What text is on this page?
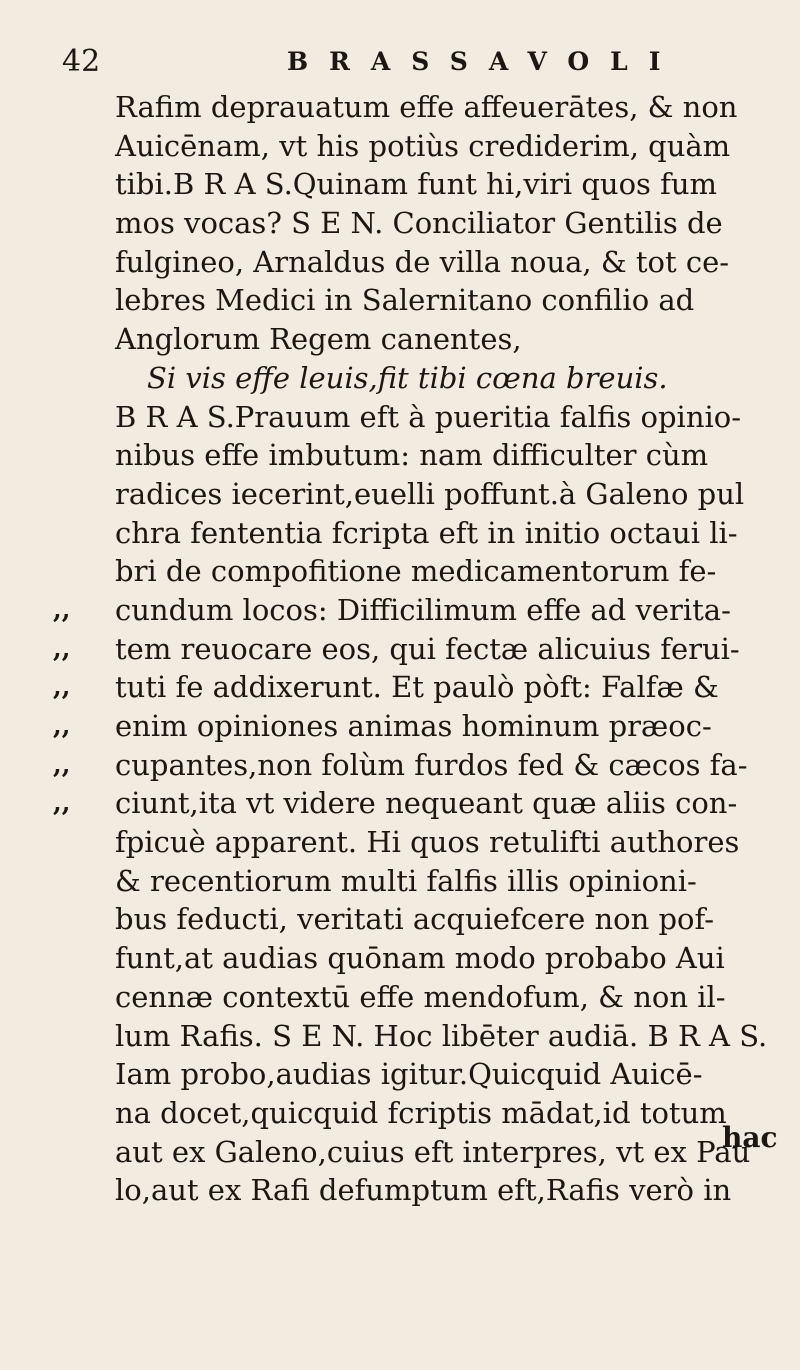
42	BRASSAVOLI
Rafim deprauatum effe affeuerātes, & non
Auicēnam, vt his potiùs crediderim, quàm
tibi.B R A S.Quinam funt hi,viri quos fum
mos vocas? S E N. Conciliator Gentilis de
fulgineo, Arnaldus de villa noua, & tot ce-
lebres Medici in Salernitano confilio ad
Anglorum Regem canentes,
Si vis effe leuis,fit tibi cœna breuis.
B R A S.Prauum eft à pueritia falfis opinio-
nibus effe imbutum: nam difficulter cùm
radices iecerint,euelli poffunt.à Galeno pul
chra fententia fcripta eft in initio octaui li-
bri de compofitione medicamentorum fe-
,, cundum locos: Difficilimum effe ad verita-
,, tem reuocare eos, qui fectæ alicuius ferui-
,, tuti fe addixerunt. Et paulò pòft: Falfæ &
,, enim opiniones animas hominum præoc-
,, cupantes,non folùm furdos fed & cæcos fa-
,, ciunt,ita vt videre nequeant quæ aliis con-
fpicuè apparent. Hi quos retulifti authores
& recentiorum multi falfis illis opinioni-
bus feducti, veritati acquiefcere non pof-
funt,at audias quōnam modo probabo Aui
cennæ contextū effe mendofum, & non il-
lum Rafis. S E N. Hoc libēter audiā. B R A S.
Iam probo,audias igitur.Quicquid Auicē-
na docet,quicquid fcriptis mādat,id totum
aut ex Galeno,cuius eft interpres, vt ex Pau
lo,aut ex Rafi defumptum eft,Rafis verò in
hac
